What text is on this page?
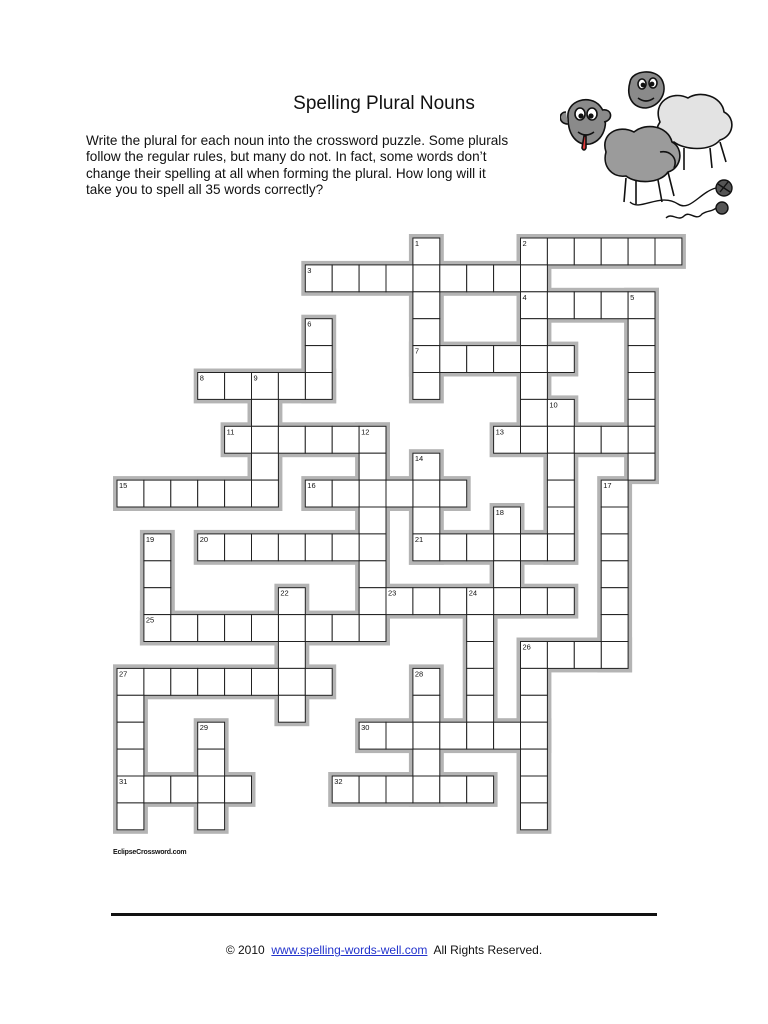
Spelling Plural Nouns
Write the plural for each noun into the crossword puzzle. Some plurals
follow the regular rules, but many do not. In fact, some words don’t
change their spelling at all when forming the plural. How long will it
take you to spell all 35 words correctly?
1	2
3
4	5
6
7
8	9
10
11	12	13
14
15	16	17
18
19	20	21
22	23	24
25
26
27	28
29	30
31	32
EclipseCrossword.com
© 2010 www.spelling-words-well.com All Rights Reserved.
